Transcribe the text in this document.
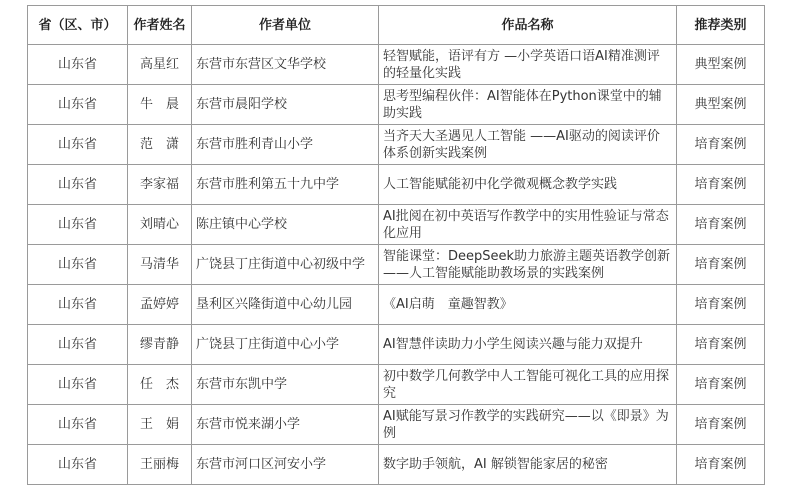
省（区、市）	作者姓名	作者单位	作品名称	推荐类别
山东省	高星红	东营市东营区文华学校	轻智赋能，语评有方 —小学英语口语AI精准测评的轻量化实践	典型案例
山东省	牛　晨	东营市晨阳学校	思考型编程伙伴：AI智能体在Python课堂中的辅助实践	典型案例
山东省	范　潇	东营市胜利青山小学	当齐天大圣遇见人工智能 ——AI驱动的阅读评价体系创新实践案例	培育案例
山东省	李家福	东营市胜利第五十九中学	人工智能赋能初中化学微观概念教学实践	培育案例
山东省	刘晴心	陈庄镇中心学校	AI批阅在初中英语写作教学中的实用性验证与常态化应用	培育案例
山东省	马清华	广饶县丁庄街道中心初级中学	智能课堂：DeepSeek助力旅游主题英语教学创新 ——人工智能赋能助教场景的实践案例	培育案例
山东省	孟婷婷	垦利区兴隆街道中心幼儿园	《AI启萌　童趣智教》	培育案例
山东省	缪青静	广饶县丁庄街道中心小学	AI智慧伴读助力小学生阅读兴趣与能力双提升	培育案例
山东省	任　杰	东营市东凯中学	初中数学几何教学中人工智能可视化工具的应用探究	培育案例
山东省	王　娟	东营市悦来湖小学	AI赋能写景习作教学的实践研究——以《即景》为例	培育案例
山东省	王丽梅	东营市河口区河安小学	数字助手领航，AI 解锁智能家居的秘密	培育案例
